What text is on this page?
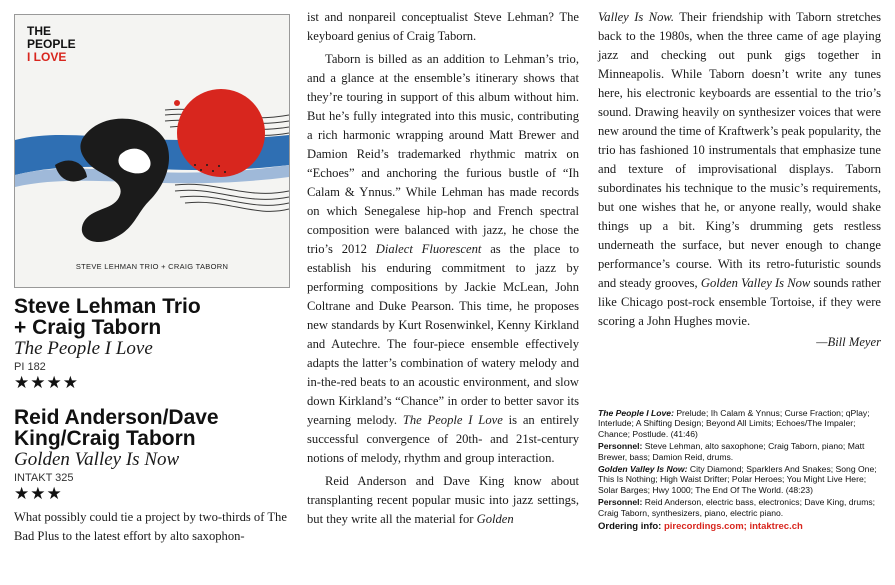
THE
PEOPLE
I LOVE
STEVE LEHMAN TRIO + CRAIG TABORN
Steve Lehman Trio
+ Craig Taborn
The People I Love
PI 182
★★★★
Reid Anderson/Dave
King/Craig Taborn
Golden Valley Is Now
INTAKT 325
★★★
What possibly could tie a project by two-thirds of The Bad Plus to the latest effort by alto saxophon-

ist and nonpareil conceptualist Steve Lehman? The keyboard genius of Craig Taborn.

Taborn is billed as an addition to Lehman’s trio, and a glance at the ensemble’s itinerary shows that they’re touring in support of this album without him. But he’s fully integrated into this music, contributing a rich harmonic wrapping around Matt Brewer and Damion Reid’s trademarked rhythmic matrix on “Echoes” and anchoring the furious bustle of “Ih Calam & Ynnus.” While Lehman has made records on which Senegalese hip-hop and French spectral composition were balanced with jazz, he chose the trio’s 2012 Dialect Fluorescent as the place to establish his enduring commitment to jazz by performing compositions by Jackie McLean, John Coltrane and Duke Pearson. This time, he proposes new standards by Kurt Rosenwinkel, Kenny Kirkland and Autechre. The four-piece ensemble effectively adapts the latter’s combination of watery melody and in-the-red beats to an acoustic environment, and slow down Kirkland’s “Chance” in order to better savor its yearning melody. The People I Love is an entirely successful convergence of 20th- and 21st-century notions of melody, rhythm and group interaction.

Reid Anderson and Dave King know about transplanting recent popular music into jazz settings, but they write all the material for Golden

Valley Is Now. Their friendship with Taborn stretches back to the 1980s, when the three came of age playing jazz and checking out punk gigs together in Minneapolis. While Taborn doesn’t write any tunes here, his electronic keyboards are essential to the trio’s sound. Drawing heavily on synthesizer voices that were new around the time of Kraftwerk’s peak popularity, the trio has fashioned 10 instrumentals that emphasize tune and texture of improvisational displays. Taborn subordinates his technique to the music’s requirements, but one wishes that he, or anyone really, would shake things up a bit. King’s drumming gets restless underneath the surface, but never enough to change performance’s course. With its retro-futuristic sounds and steady grooves, Golden Valley Is Now sounds rather like Chicago post-rock ensemble Tortoise, if they were scoring a John Hughes movie.

—Bill Meyer
The People I Love: Prelude; Ih Calam & Ynnus; Curse Fraction; qPlay; Interlude; A Shifting Design; Beyond All Limits; Echoes/The Impaler; Chance; Postlude. (41:46)
Personnel: Steve Lehman, alto saxophone; Craig Taborn, piano; Matt Brewer, bass; Damion Reid, drums.
Golden Valley Is Now: City Diamond; Sparklers And Snakes; Song One; This Is Nothing; High Waist Drifter; Polar Heroes; You Might Live Here; Solar Barges; Hwy 1000; The End Of The World. (48:23)
Personnel: Reid Anderson, electric bass, electronics; Dave King, drums; Craig Taborn, synthesizers, piano, electric piano.
Ordering info: pirecordings.com; intaktrec.ch
